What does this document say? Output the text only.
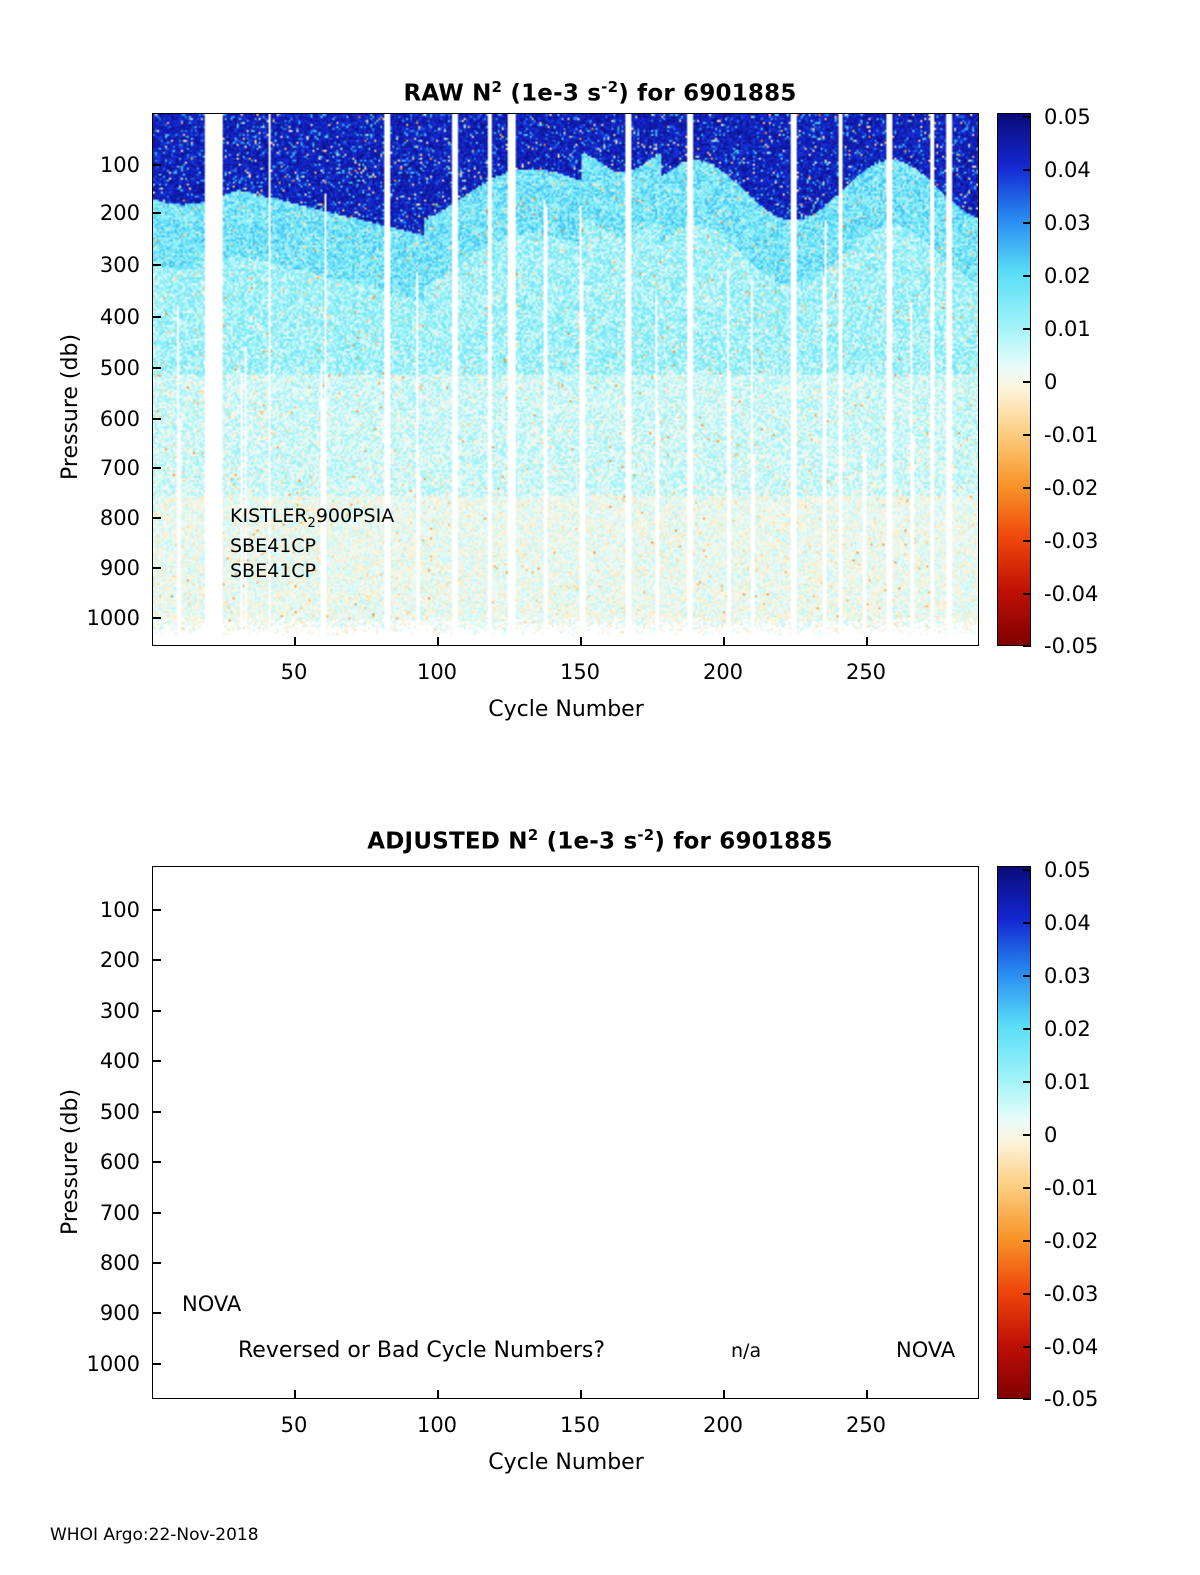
RAW $N^2$ (1e-3 $s^{-2}$) for 6901885
Pressure (db)
100
200
300
400
500
600
700
800
900
1000
$KISTLER_2900PSIA$
SBE41CP
SBE41CP
50	100	150	200	250
Cycle Number
0.05
0.04
0.03
0.02
0.01
0
-0.01
-0.02
-0.03
-0.04
-0.05
ADJUSTED $N^2$ (1e-3 $s^{-2}$) for 6901885
Pressure (db)
100
200
300
400
500
600
700
800
900
1000
NOVA
Reversed or Bad Cycle Numbers?	n/a	NOVA
50	100	150	200	250
Cycle Number
0.05
0.04
0.03
0.02
0.01
0
-0.01
-0.02
-0.03
-0.04
-0.05
WHOI Argo:22-Nov-2018
